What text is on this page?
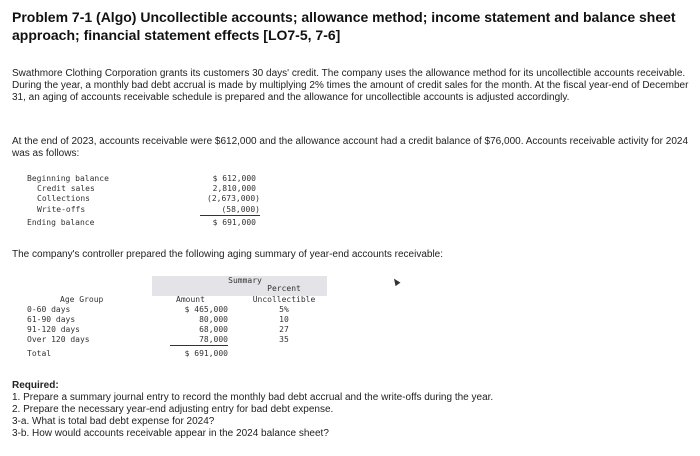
Problem 7-1 (Algo) Uncollectible accounts; allowance method; income statement and balance sheet approach; financial statement effects [LO7-5, 7-6]
Swathmore Clothing Corporation grants its customers 30 days' credit. The company uses the allowance method for its uncollectible accounts receivable. During the year, a monthly bad debt accrual is made by multiplying 2% times the amount of credit sales for the month. At the fiscal year-end of December 31, an aging of accounts receivable schedule is prepared and the allowance for uncollectible accounts is adjusted accordingly.
At the end of 2023, accounts receivable were $612,000 and the allowance account had a credit balance of $76,000. Accounts receivable activity for 2024 was as follows:
Beginning balance	$ 612,000
Credit sales	2,810,000
Collections	(2,673,000)
Write-offs	(58,000)
Ending balance	$ 691,000
The company's controller prepared the following aging summary of year-end accounts receivable:
Summary
Percent
Uncollectible
Age Group	Amount
0-60 days	$ 465,000	5%
61-90 days	80,000	10
91-120 days	68,000	27
Over 120 days	78,000	35
Total	$ 691,000
Required:
1. Prepare a summary journal entry to record the monthly bad debt accrual and the write-offs during the year.
2. Prepare the necessary year-end adjusting entry for bad debt expense.
3-a. What is total bad debt expense for 2024?
3-b. How would accounts receivable appear in the 2024 balance sheet?
